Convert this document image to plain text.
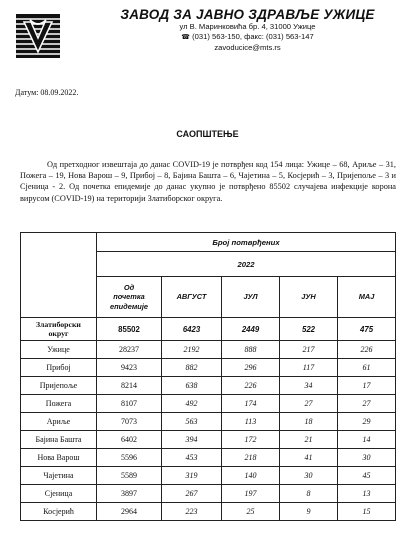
ЗАВОД ЗА ЈАВНО ЗДРАВЉЕ УЖИЦЕ
ул В. Маринковића бр. 4, 31000 Ужице
☎ (031) 563-150, факс: (031) 563-147
zavoducice@mts.rs
Датум: 08.09.2022.
САОПШТЕЊЕ
Од претходног извештаја до данас COVID-19 је потврђен код 154 лица: Ужице – 68, Ариље – 31, Пожега – 19, Нова Варош – 9, Прибој – 8, Бајина Башта – 6, Чајетина – 5, Косјерић – 3, Пријепоље – 3 и Сјеница - 2. Од почетка епидемије до данас укупно је потврђено 85502 случајева инфекције корона вирусом (COVID-19) на територији Златиборског округа.
	Број потврђених				
	2022				

	Од
почетка
епидемије	АВГУСТ	ЈУЛ	ЈУН	МАЈ

Златиборски
округ	85502	6423	2449	522	475
Ужице	28237	2192	888	217	226
Прибој	9423	882	296	117	61
Пријепоље	8214	638	226	34	17
Пожега	8107	492	174	27	27
Ариље	7073	563	113	18	29
Бајина Башта	6402	394	172	21	14
Нова Варош	5596	453	218	41	30
Чајетина	5589	319	140	30	45
Сјеница	3897	267	197	8	13
Косјерић	2964	223	25	9	15
